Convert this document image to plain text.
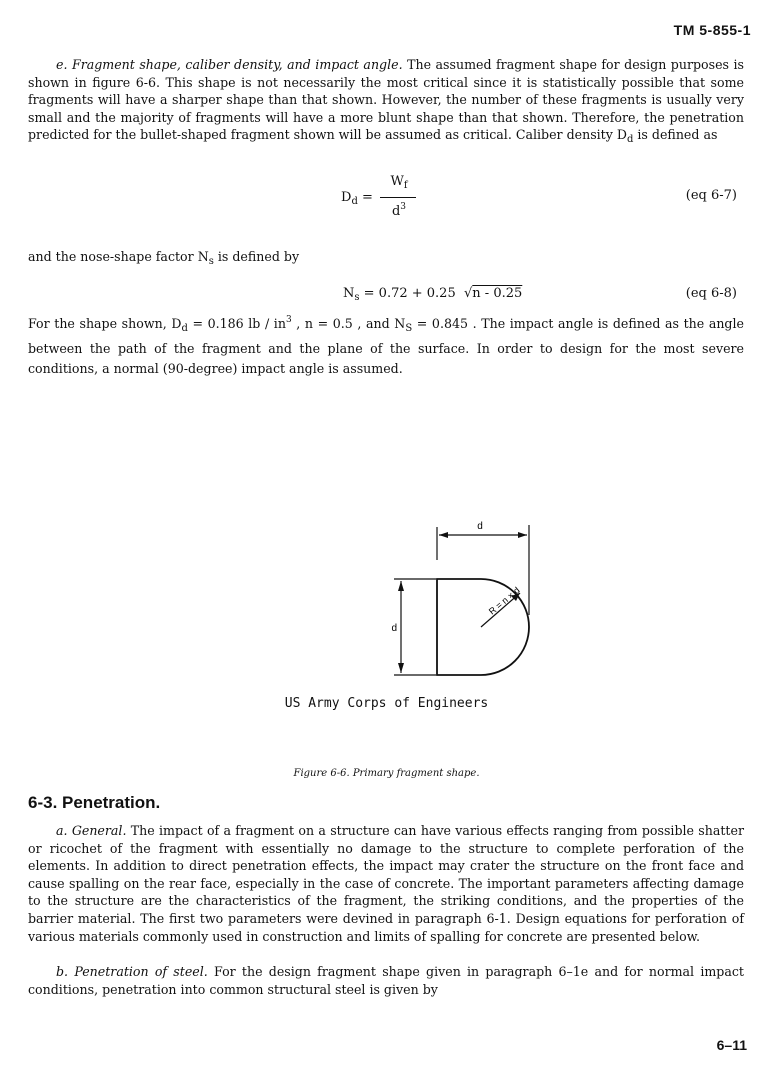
TM 5-855-1

e. Fragment shape, caliber density, and impact angle. The assumed fragment shape for design purposes is shown in figure 6-6. This shape is not necessarily the most critical since it is statistically possible that some fragments will have a sharper shape than that shown. However, the number of these fragments is usually very small and the majority of fragments will have a more blunt shape than that shown. Therefore, the penetration predicted for the bullet-shaped fragment shown will be assumed as critical. Caliber density $D_d$ is defined as

$D_d$ =
$W_f$
$d^3$
(eq 6-7)

and the nose-shape factor $N_s$ is defined by

$N_s = 0.72 + 0.25$ √n - 0.25	(eq 6-8)

For the shape shown, $D_d = 0.186$ lb / $in^3$ , n = 0.5 , and $N_S = 0.845$ . The impact angle is defined as the angle between the path of the fragment and the plane of the surface. In order to design for the most severe conditions, a normal (90-degree) impact angle is assumed.

d
d
R = n × d
US Army Corps of Engineers
Figure 6-6. Primary fragment shape.
6-3. Penetration.

a. General. The impact of a fragment on a structure can have various effects ranging from possible shatter or ricochet of the fragment with essentially no damage to the structure to complete perforation of the elements. In addition to direct penetration effects, the impact may crater the structure on the front face and cause spalling on the rear face, especially in the case of concrete. The important parameters affecting damage to the structure are the characteristics of the fragment, the striking conditions, and the properties of the barrier material. The first two parameters were devined in paragraph 6-1. Design equations for perforation of various materials commonly used in construction and limits of spalling for concrete are presented below.

b. Penetration of steel. For the design fragment shape given in paragraph 6–1e and for normal impact conditions, penetration into common structural steel is given by

6–11
